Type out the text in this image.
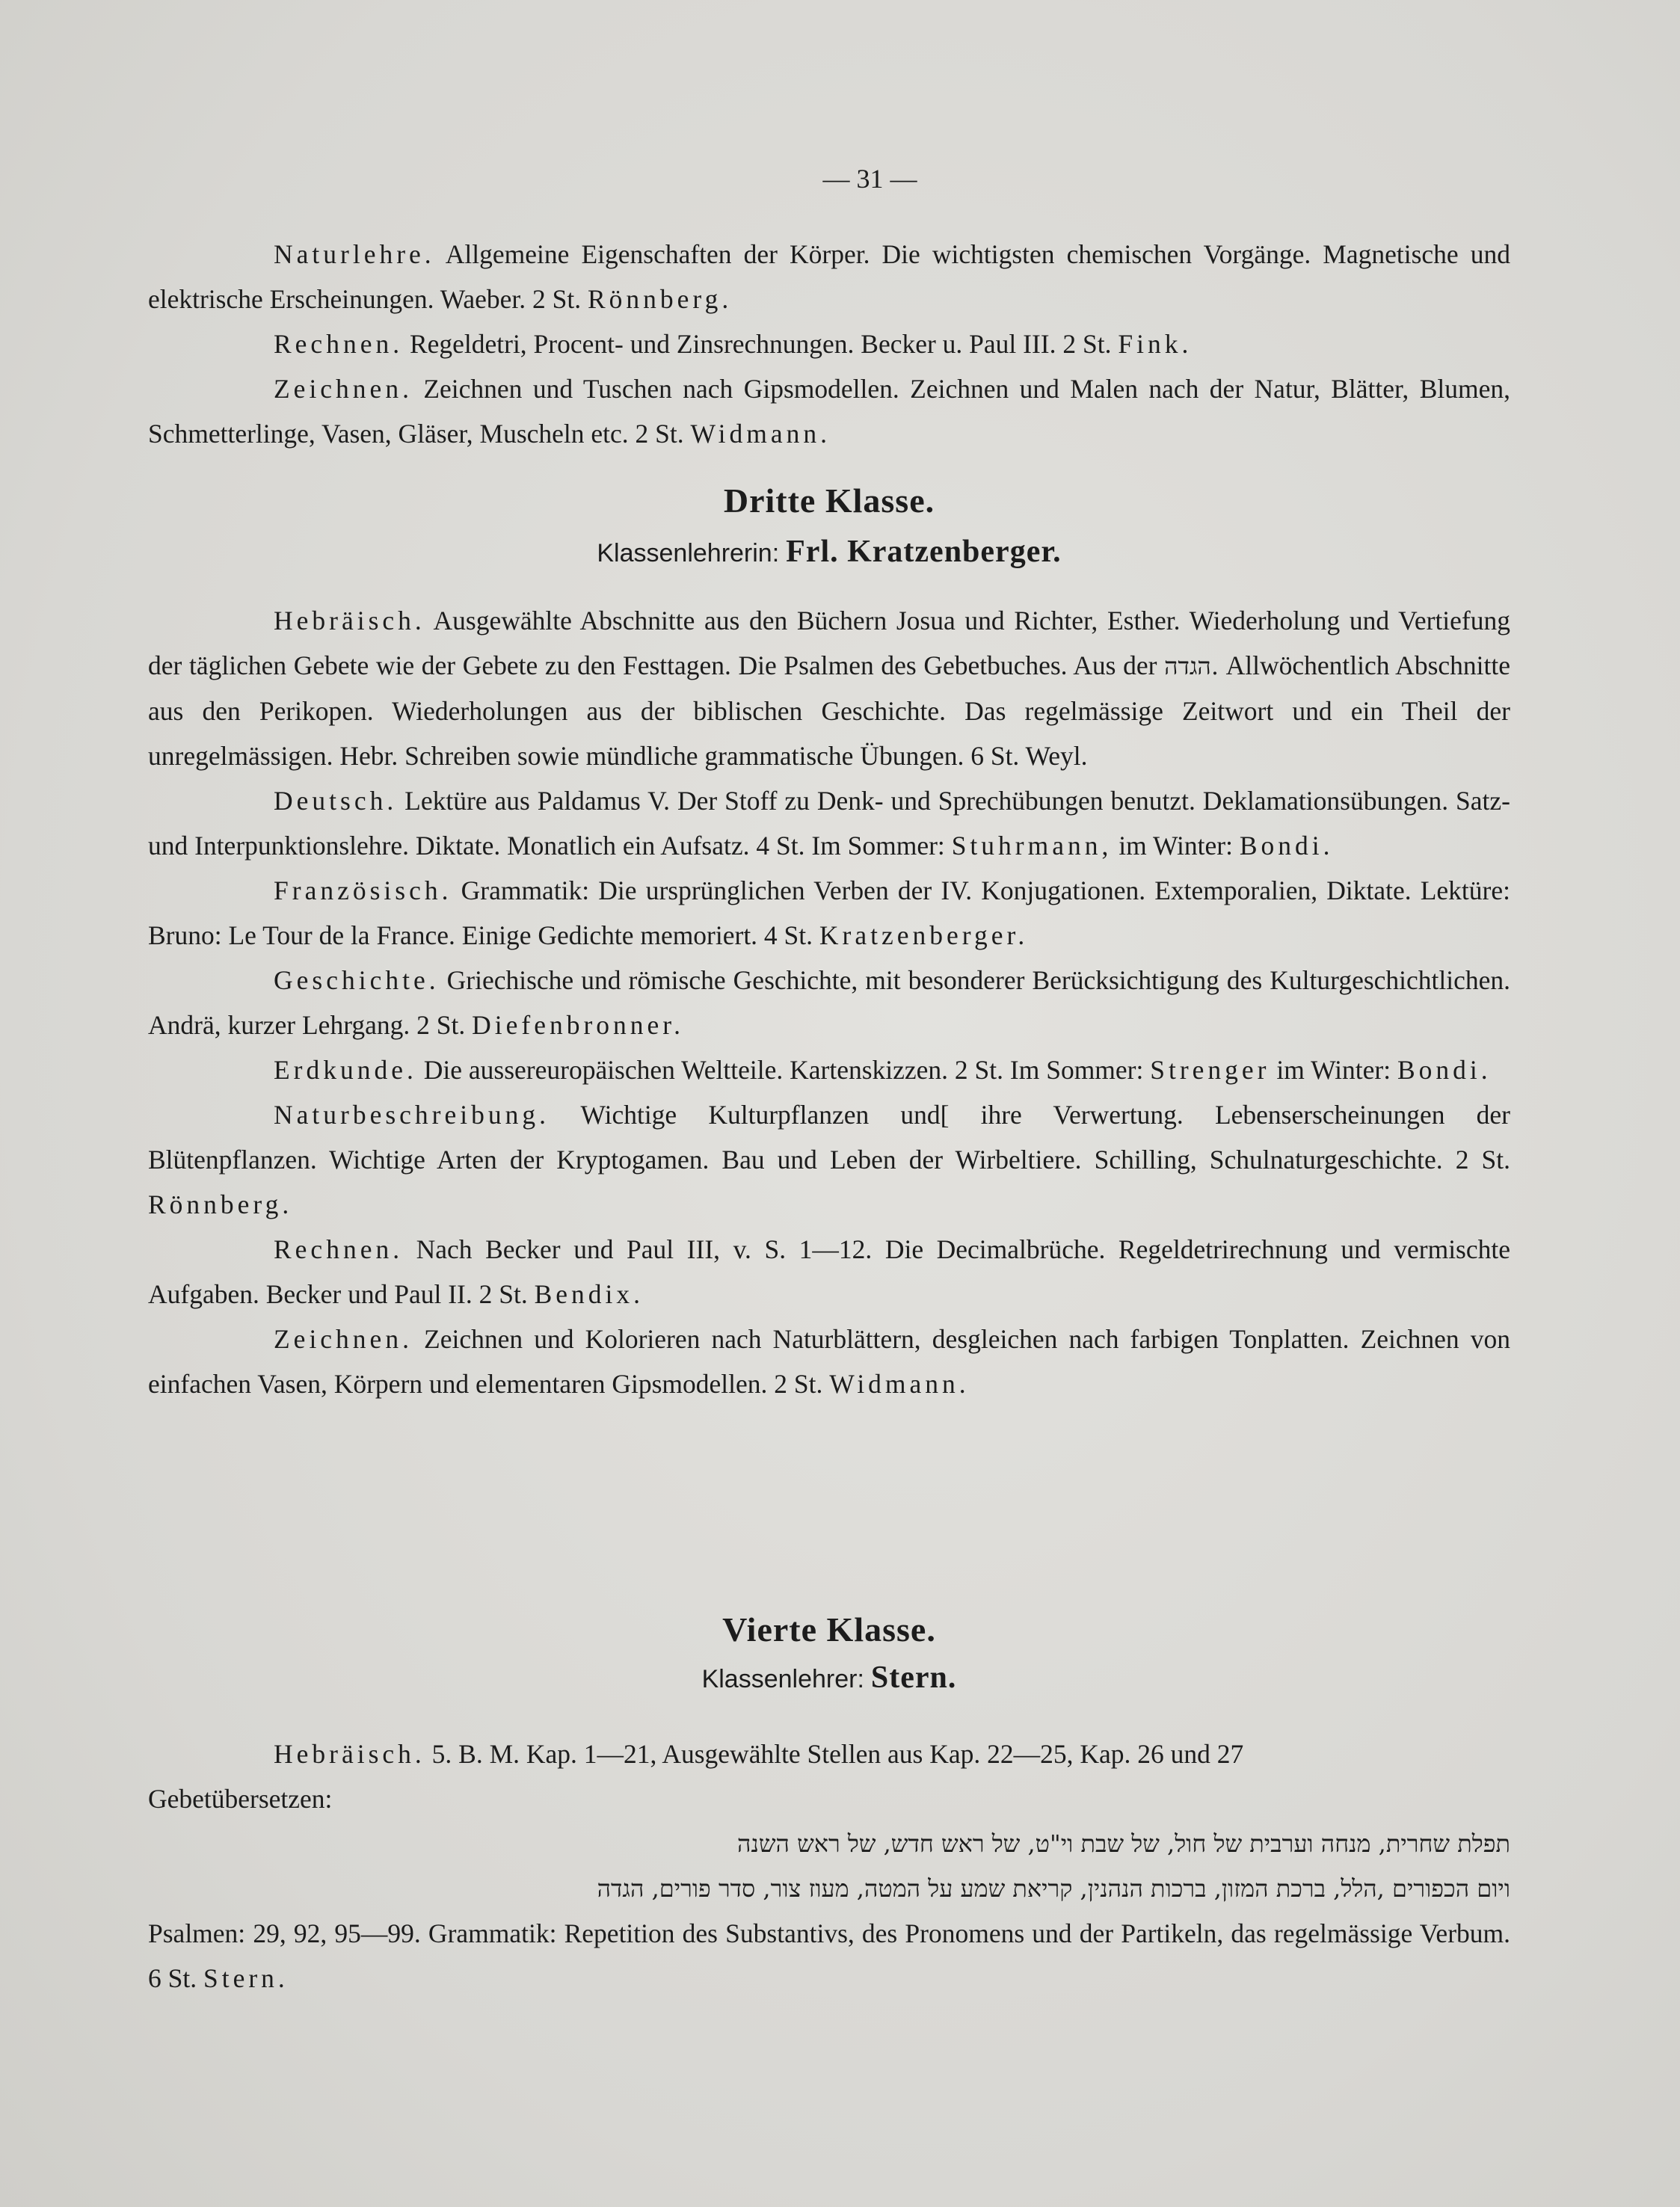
— 31 —

Naturlehre. Allgemeine Eigenschaften der Körper. Die wichtigsten chemischen Vorgänge. Magnetische und elektrische Erscheinungen. Waeber. 2 St. Rönnberg.

Rechnen. Regeldetri, Procent- und Zinsrechnungen. Becker u. Paul III. 2 St. Fink.

Zeichnen. Zeichnen und Tuschen nach Gipsmodellen. Zeichnen und Malen nach der Natur, Blätter, Blumen, Schmetterlinge, Vasen, Gläser, Muscheln etc. 2 St. Widmann.

Dritte Klasse.

Klassenlehrerin: Frl. Kratzenberger.

Hebräisch. Ausgewählte Abschnitte aus den Büchern Josua und Richter, Esther. Wiederholung und Vertiefung der täglichen Gebete wie der Gebete zu den Festtagen. Die Psalmen des Gebetbuches. Aus der הגדה. Allwöchentlich Abschnitte aus den Perikopen. Wiederholungen aus der biblischen Geschichte. Das regelmässige Zeitwort und ein Theil der unregelmässigen. Hebr. Schreiben sowie mündliche grammatische Übungen. 6 St. Weyl.

Deutsch. Lektüre aus Paldamus V. Der Stoff zu Denk- und Sprechübungen benutzt. Deklamationsübungen. Satz- und Interpunktionslehre. Diktate. Monatlich ein Aufsatz. 4 St. Im Sommer: Stuhrmann, im Winter: Bondi.

Französisch. Grammatik: Die ursprünglichen Verben der IV. Konjugationen. Extemporalien, Diktate. Lektüre: Bruno: Le Tour de la France. Einige Gedichte memoriert. 4 St. Kratzenberger.

Geschichte. Griechische und römische Geschichte, mit besonderer Berücksichtigung des Kulturgeschichtlichen. Andrä, kurzer Lehrgang. 2 St. Diefenbronner.

Erdkunde. Die aussereuropäischen Weltteile. Kartenskizzen. 2 St. Im Sommer: Strenger im Winter: Bondi.

Naturbeschreibung. Wichtige Kulturpflanzen und[ ihre Verwertung. Lebenserscheinungen der Blütenpflanzen. Wichtige Arten der Kryptogamen. Bau und Leben der Wirbeltiere. Schilling, Schulnaturgeschichte. 2 St. Rönnberg.

Rechnen. Nach Becker und Paul III, v. S. 1—12. Die Decimalbrüche. Regeldetrirechnung und vermischte Aufgaben. Becker und Paul II. 2 St. Bendix.

Zeichnen. Zeichnen und Kolorieren nach Naturblättern, desgleichen nach farbigen Tonplatten. Zeichnen von einfachen Vasen, Körpern und elementaren Gipsmodellen. 2 St. Widmann.

Vierte Klasse.

Klassenlehrer: Stern.

Hebräisch. 5. B. M. Kap. 1—21, Ausgewählte Stellen aus Kap. 22—25, Kap. 26 und 27

Gebetübersetzen:

תפלת שחרית, מנחה וערבית של חול, של שבת וי"ט, של ראש חדש, של ראש השנה

ויום הכפורים ,הלל, ברכת המזון, ברכות הנהנין, קריאת שמע על המטה, מעוז צור, סדר פורים, הגדה

Psalmen: 29, 92, 95—99. Grammatik: Repetition des Substantivs, des Pronomens und der Partikeln, das regelmässige Verbum. 6 St. Stern.
